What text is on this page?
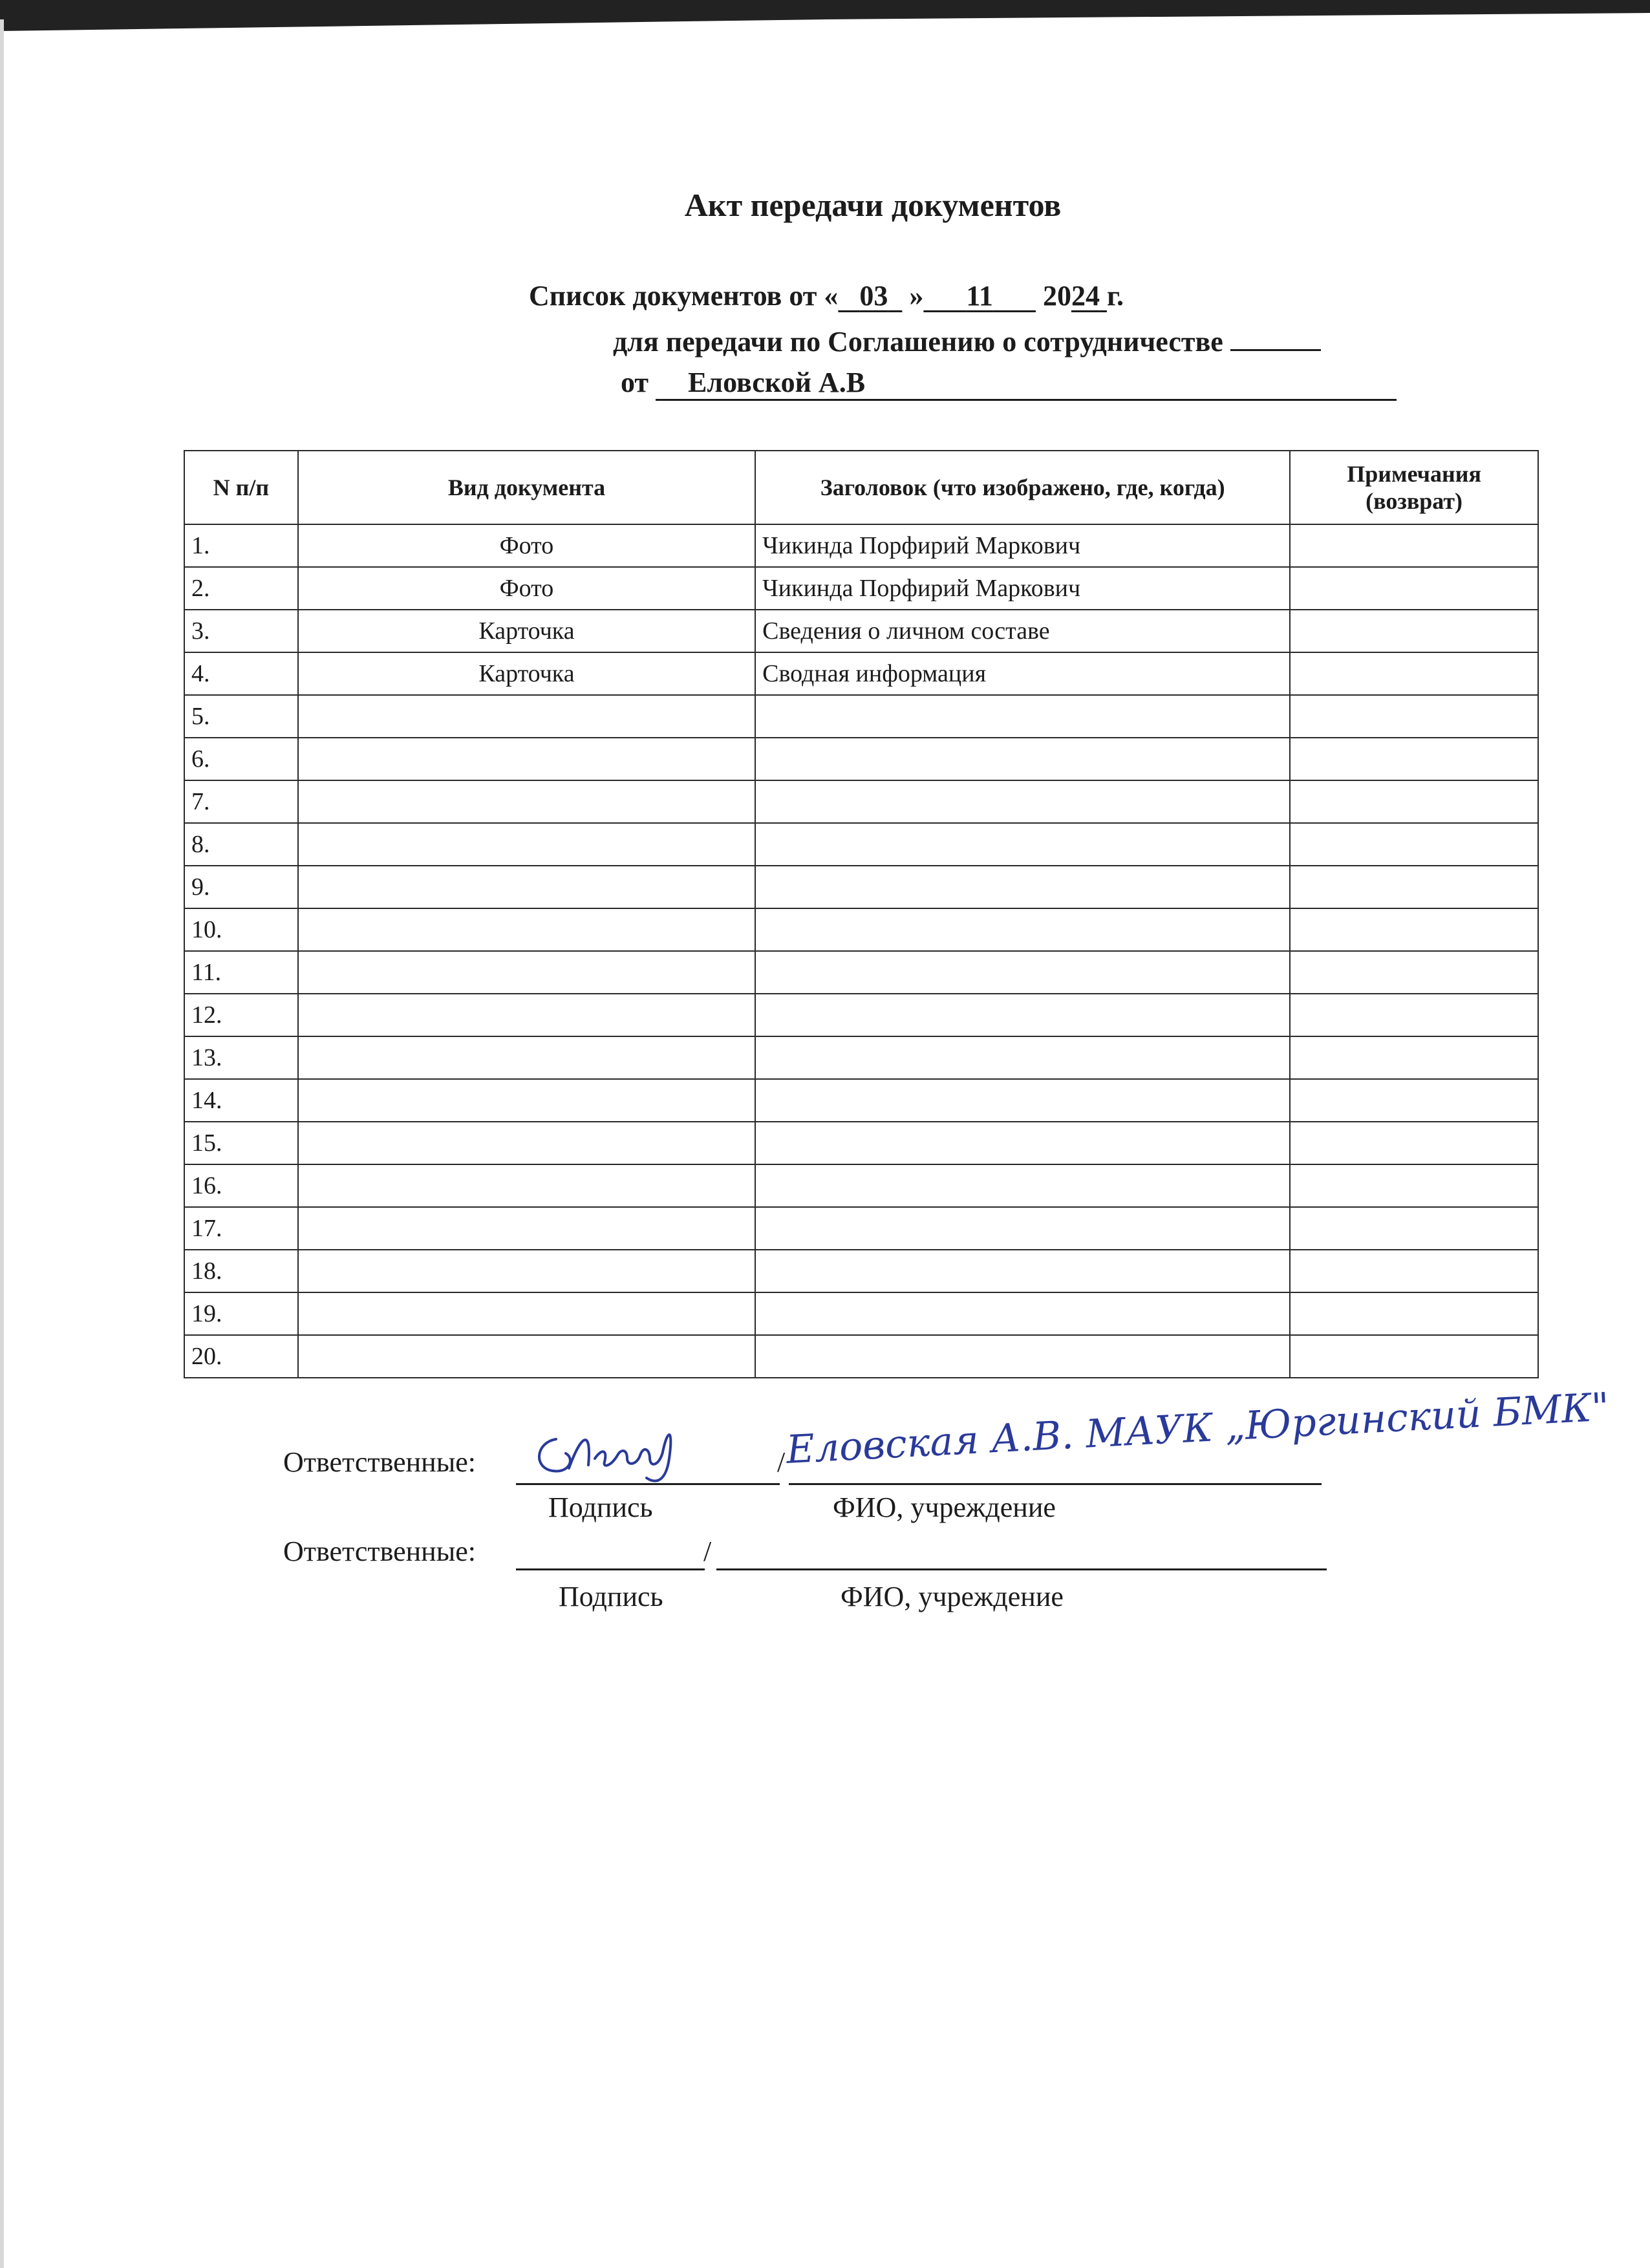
Акт передачи документов
Список документов от « 03   » 11 2024 г.
для передачи по Соглашению о сотрудничестве
от Еловской А.В
N п/п	Вид документа	Заголовок (что изображено, где, когда)	Примечания (возврат)
1.	Фото	Чикинда Порфирий Маркович	
2.	Фото	Чикинда Порфирий Маркович	
3.	Карточка	Сведения о личном составе	
4.	Карточка	Сводная информация	
5.			
6.			
7.			
8.			
9.			
10.			
11.			
12.			
13.			
14.			
15.			
16.			
17.			
18.			
19.			
20.			
Ответственные:	/ Еловская А.В. МАУК „Юргинский БМК"
Подпись	ФИО, учреждение
Ответственные:	/
Подпись	ФИО, учреждение
